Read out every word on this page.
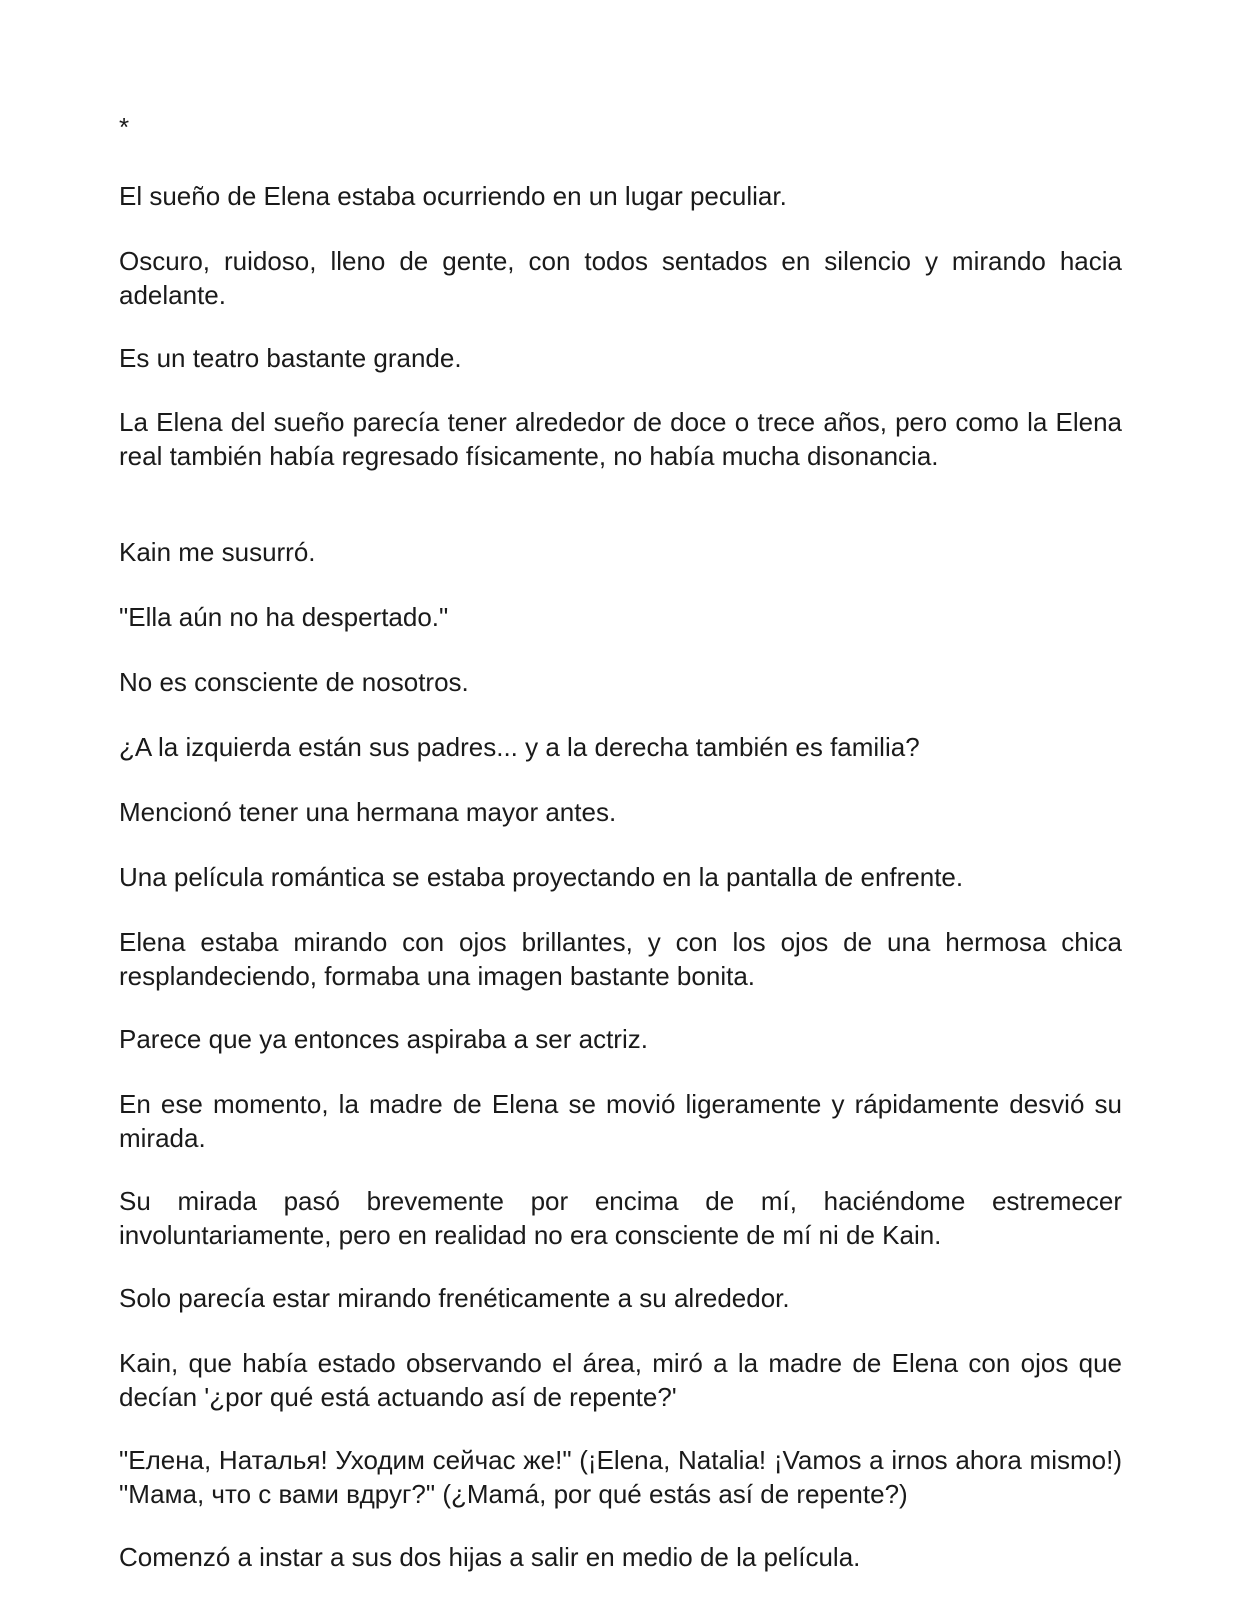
*

El sueño de Elena estaba ocurriendo en un lugar peculiar.

Oscuro, ruidoso, lleno de gente, con todos sentados en silencio y mirando hacia adelante.

Es un teatro bastante grande.

La Elena del sueño parecía tener alrededor de doce o trece años, pero como la Elena real también había regresado físicamente, no había mucha disonancia.

Kain me susurró.

"Ella aún no ha despertado."

No es consciente de nosotros.

¿A la izquierda están sus padres... y a la derecha también es familia?

Mencionó tener una hermana mayor antes.

Una película romántica se estaba proyectando en la pantalla de enfrente.

Elena estaba mirando con ojos brillantes, y con los ojos de una hermosa chica resplandeciendo, formaba una imagen bastante bonita.

Parece que ya entonces aspiraba a ser actriz.

En ese momento, la madre de Elena se movió ligeramente y rápidamente desvió su mirada.

Su mirada pasó brevemente por encima de mí, haciéndome estremecer involuntariamente, pero en realidad no era consciente de mí ni de Kain.

Solo parecía estar mirando frenéticamente a su alrededor.

Kain, que había estado observando el área, miró a la madre de Elena con ojos que decían '¿por qué está actuando así de repente?'

"Елена, Наталья! Уходим сейчас же!" (¡Elena, Natalia! ¡Vamos a irnos ahora mismo!) "Мама, что с вами вдруг?" (¿Mamá, por qué estás así de repente?)

Comenzó a instar a sus dos hijas a salir en medio de la película.
